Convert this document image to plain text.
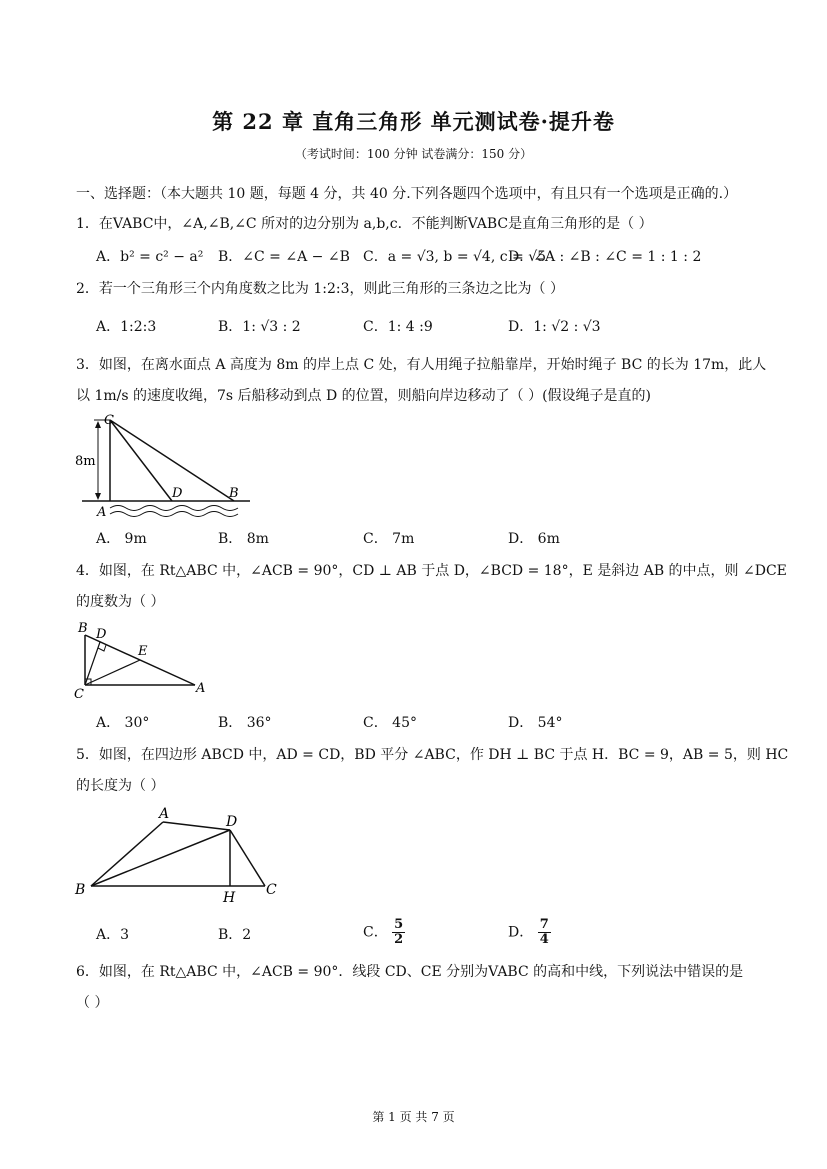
第 22 章 直角三角形 单元测试卷·提升卷
（考试时间：100 分钟 试卷满分：150 分）
一、选择题：（本大题共 10 题，每题 4 分，共 40 分.下列各题四个选项中，有且只有一个选项是正确的.）
1．在VABC中，∠A,∠B,∠C 所对的边分别为 a,b,c．不能判断VABC是直角三角形的是（ ）
A．b² = c² − a² B．∠C = ∠A − ∠B C．a = √3, b = √4, c = √5
D．∠A : ∠B : ∠C = 1 : 1 : 2
2．若一个三角形三个内角度数之比为 1:2:3，则此三角形的三条边之比为（ ）
A．1:2:3	B．1: √3 : 2	C．1: 4 :9	D．1: √2 : √3
3．如图，在离水面点 A 高度为 8m 的岸上点 C 处，有人用绳子拉船靠岸，开始时绳子 BC 的长为 17m，此人
以 1m/s 的速度收绳，7s 后船移动到点 D 的位置，则船向岸边移动了（ ）(假设绳子是直的)
8m
C
A
D	B
A． 9m	B． 8m	C． 7m	D． 6m
4．如图，在 Rt△ABC 中，∠ACB = 90°，CD ⊥ AB 于点 D，∠BCD = 18°，E 是斜边 AB 的中点，则 ∠DCE
的度数为（ ）
B D
E
C	A
A． 30°	B． 36°	C． 45°	D． 54°
5．如图，在四边形 ABCD 中，AD = CD，BD 平分 ∠ABC，作 DH ⊥ BC 于点 H．BC = 9，AB = 5，则 HC
的长度为（ ）
A	D
B	H C
A．3	B．2	C． $\frac{5}{2}$	D． $\frac{7}{4}$
6．如图，在 Rt△ABC 中，∠ACB = 90°．线段 CD、CE 分别为VABC 的高和中线，下列说法中错误的是
（ ）
第 1 页 共 7 页
